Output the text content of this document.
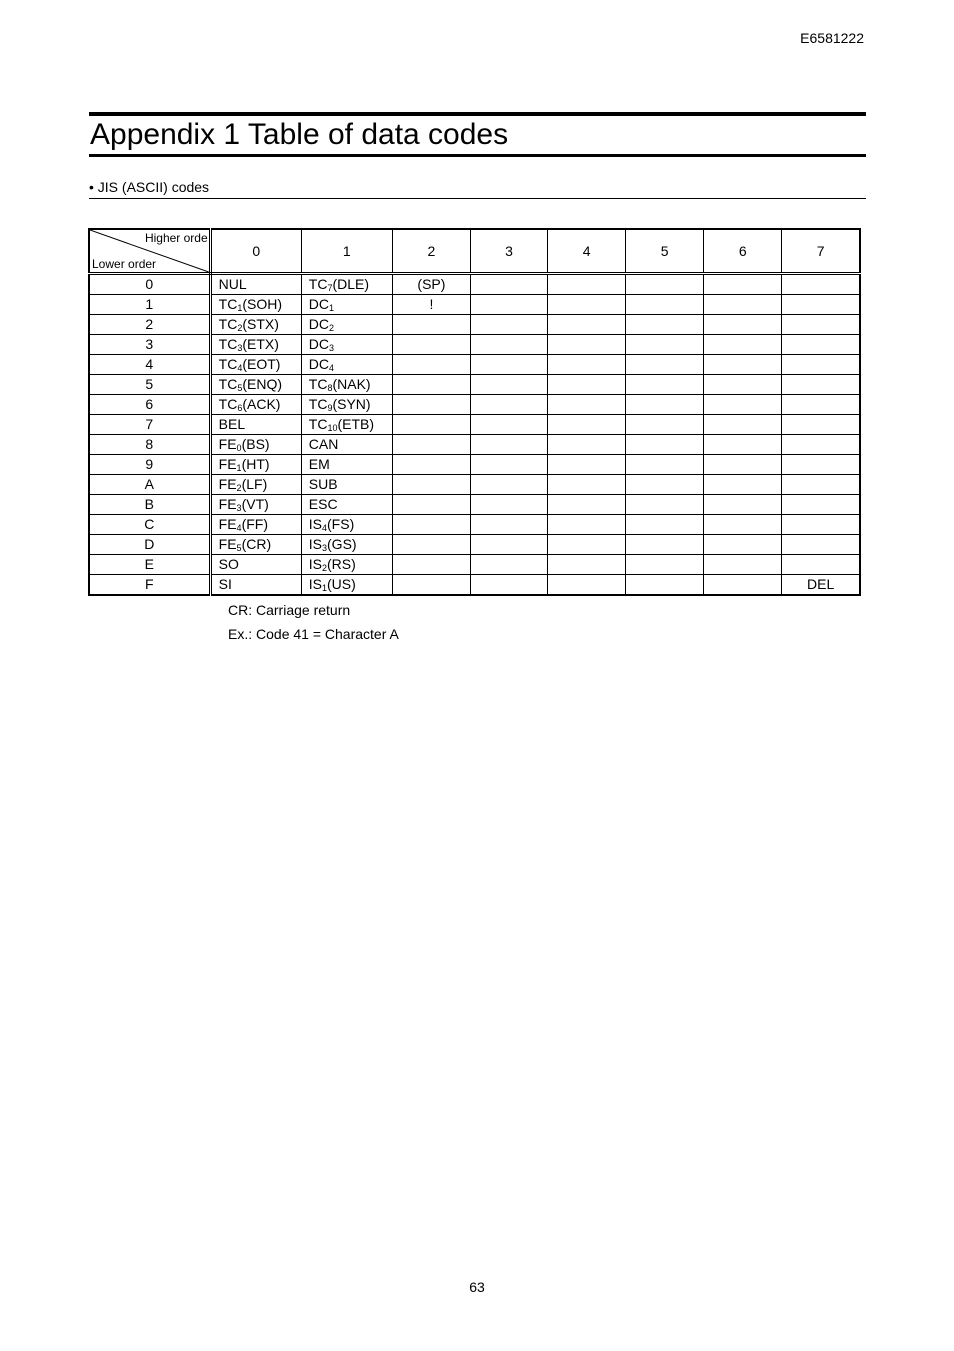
E6581222
Appendix 1 Table of data codes
• JIS (ASCII) codes
Higher orde
Lower order	0	1	2	3	4	5	6	7
0	NUL	$TC_7(DLE)$	(SP)					
1	$TC_1(SOH)$	$DC_1$	!					
2	$TC_2(STX)$	$DC_2$						
3	$TC_3(ETX)$	$DC_3$						
4	$TC_4(EOT)$	$DC_4$						
5	$TC_5(ENQ)$	$TC_8(NAK)$						
6	$TC_6(ACK)$	$TC_9(SYN)$						
7	BEL	$TC_{10}(ETB)$						
8	$FE_0(BS)$	CAN						
9	$FE_1(HT)$	EM						
A	$FE_2(LF)$	SUB						
B	$FE_3(VT)$	ESC						
C	$FE_4(FF)$	$IS_4(FS)$						
D	$FE_5(CR)$	$IS_3(GS)$						
E	SO	$IS_2(RS)$						
F	SI	$IS_1(US)$						DEL
CR: Carriage return
Ex.: Code 41 = Character A
63
